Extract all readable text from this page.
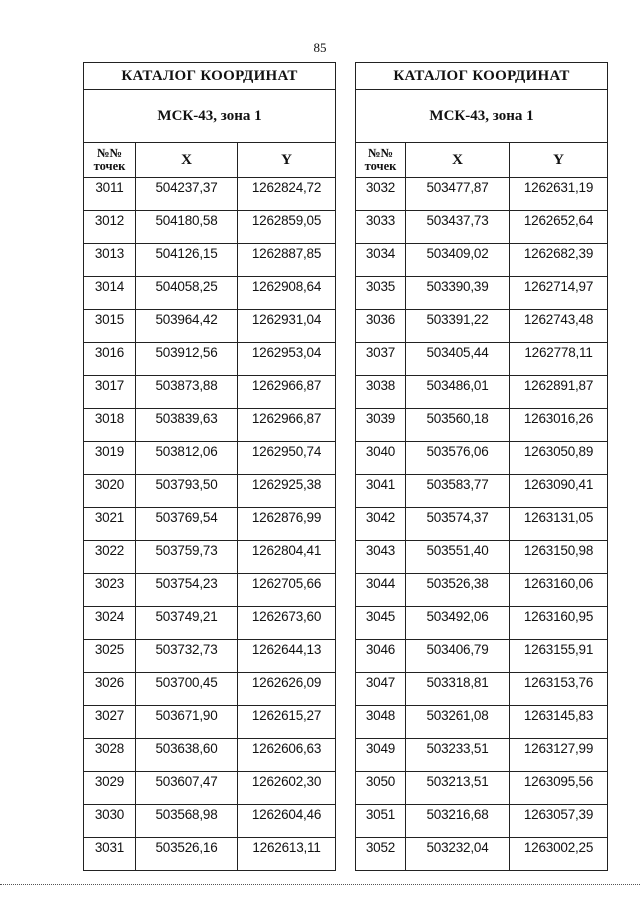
85
КАТАЛОГ КООРДИНАТ		
МСК-43, зона 1		
№№ точек	X	Y
3011	504237,37	1262824,72
3012	504180,58	1262859,05
3013	504126,15	1262887,85
3014	504058,25	1262908,64
3015	503964,42	1262931,04
3016	503912,56	1262953,04
3017	503873,88	1262966,87
3018	503839,63	1262966,87
3019	503812,06	1262950,74
3020	503793,50	1262925,38
3021	503769,54	1262876,99
3022	503759,73	1262804,41
3023	503754,23	1262705,66
3024	503749,21	1262673,60
3025	503732,73	1262644,13
3026	503700,45	1262626,09
3027	503671,90	1262615,27
3028	503638,60	1262606,63
3029	503607,47	1262602,30
3030	503568,98	1262604,46
3031	503526,16	1262613,11
КАТАЛОГ КООРДИНАТ		
МСК-43, зона 1		
№№ точек	X	Y
3032	503477,87	1262631,19
3033	503437,73	1262652,64
3034	503409,02	1262682,39
3035	503390,39	1262714,97
3036	503391,22	1262743,48
3037	503405,44	1262778,11
3038	503486,01	1262891,87
3039	503560,18	1263016,26
3040	503576,06	1263050,89
3041	503583,77	1263090,41
3042	503574,37	1263131,05
3043	503551,40	1263150,98
3044	503526,38	1263160,06
3045	503492,06	1263160,95
3046	503406,79	1263155,91
3047	503318,81	1263153,76
3048	503261,08	1263145,83
3049	503233,51	1263127,99
3050	503213,51	1263095,56
3051	503216,68	1263057,39
3052	503232,04	1263002,25
